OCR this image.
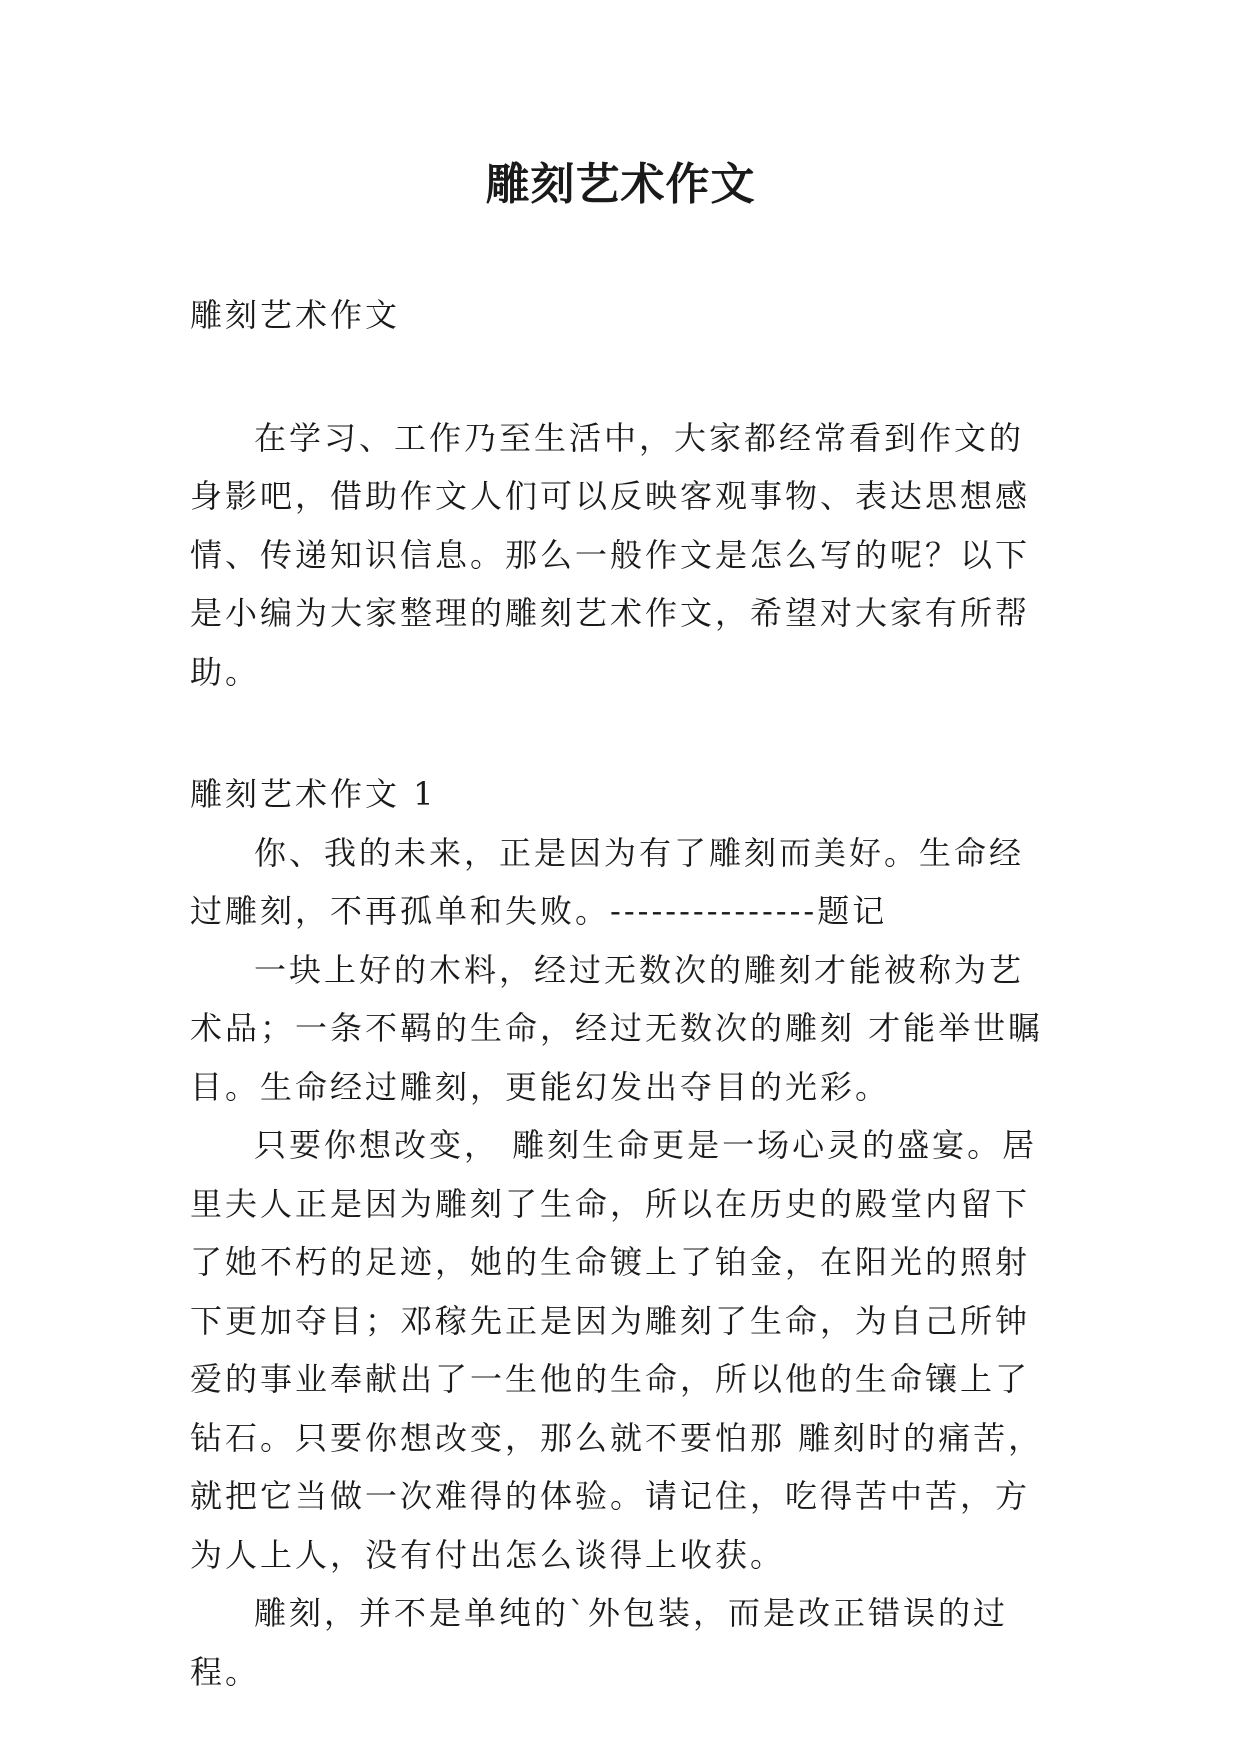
雕刻艺术作文

雕刻艺术作文

在学习、工作乃至生活中，大家都经常看到作文的身影吧，借助作文人们可以反映客观事物、表达思想感情、传递知识信息。那么一般作文是怎么写的呢？以下是小编为大家整理的雕刻艺术作文，希望对大家有所帮助。

雕刻艺术作文 1

你、我的未来，正是因为有了雕刻而美好。生命经过雕刻，不再孤单和失败。---------------题记

一块上好的木料，经过无数次的雕刻才能被称为艺术品；一条不羁的生命，经过无数次的雕刻 才能举世瞩目。生命经过雕刻，更能幻发出夺目的光彩。

只要你想改变， 雕刻生命更是一场心灵的盛宴。居里夫人正是因为雕刻了生命，所以在历史的殿堂内留下了她不朽的足迹，她的生命镀上了铂金，在阳光的照射下更加夺目；邓稼先正是因为雕刻了生命，为自己所钟爱的事业奉献出了一生他的生命，所以他的生命镶上了钻石。只要你想改变，那么就不要怕那 雕刻时的痛苦，就把它当做一次难得的体验。请记住，吃得苦中苦，方为人上人，没有付出怎么谈得上收获。

雕刻，并不是单纯的`外包装，而是改正错误的过程。
